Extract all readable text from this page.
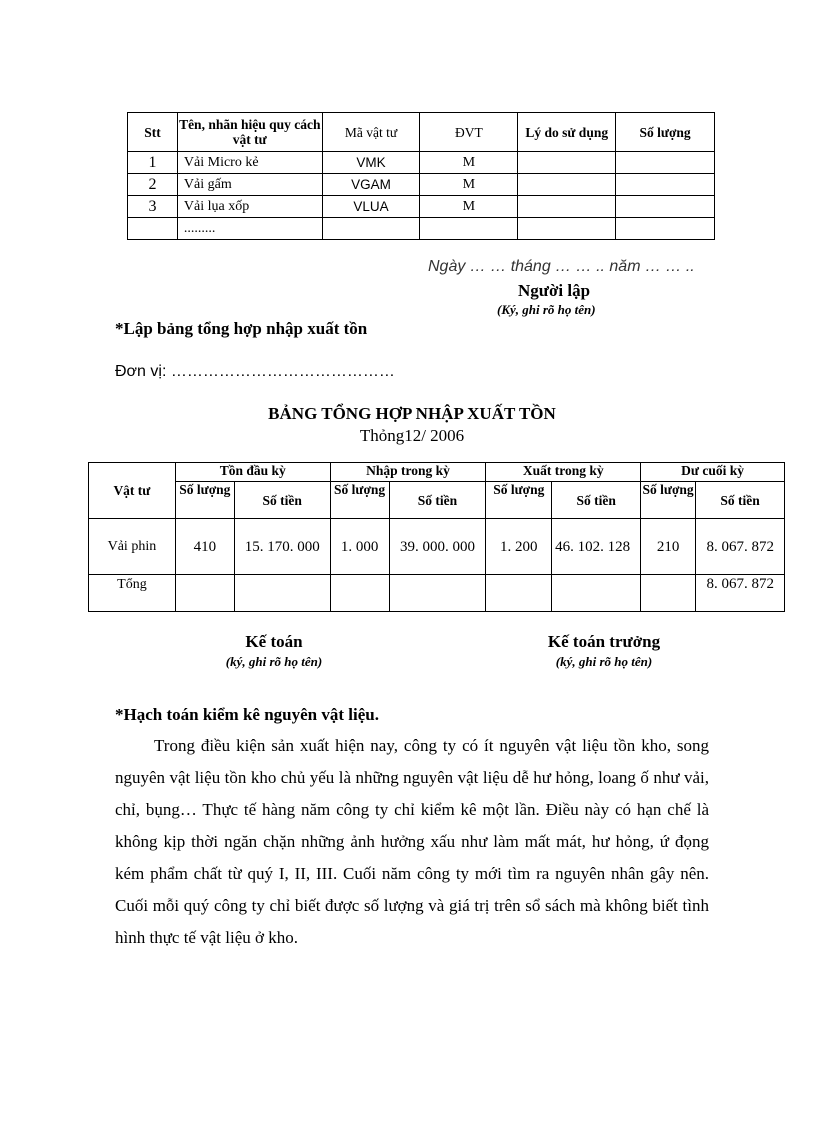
Stt	Tên, nhãn hiệu quy cách vật tư	Mã vật tư	ĐVT	Lý do sử dụng	Số lượng
1	Vải Micro kẻ	VMK	M		
2	Vải gấm	VGAM	M		
3	Vải lụa xốp	VLUA	M		
	.........				
Ngày … … tháng … … .. năm … … ..
Người lập
(Ký, ghi rõ họ tên)
*Lập bảng tổng hợp nhập xuất tồn
Đơn vị: ……………………………………
BẢNG TỔNG HỢP NHẬP XUẤT TỒN
Thỏng12/ 2006
Vật tư	Tồn đầu kỳ		Nhập trong kỳ		Xuất trong kỳ		Dư cuối kỳ	
	Số lượng	Số tiền	Số lượng	Số tiền	Số lượng	Số tiền	Số lượng	Số tiền
Vải phin	410	15. 170. 000	1. 000	39. 000. 000	1. 200	46. 102. 128	210	8. 067. 872
Tổng								8. 067. 872
Kế toán
(ký, ghi rõ họ tên)
Kế toán trưởng
(ký, ghi rõ họ tên)
*Hạch toán kiểm kê nguyên vật liệu.
Trong điều kiện sản xuất hiện nay, công ty có ít nguyên vật liệu tồn kho, song nguyên vật liệu tồn kho chủ yếu là những nguyên vật liệu dễ hư hỏng, loang ố như vải, chỉ, bụng… Thực tế hàng năm công ty chỉ kiểm kê một lần. Điều này có hạn chế là không kịp thời ngăn chặn những ảnh hưởng xấu như làm mất mát, hư hỏng, ứ đọng kém phẩm chất từ quý I, II, III. Cuối năm công ty mới tìm ra nguyên nhân gây nên. Cuối mỗi quý công ty chỉ biết được số lượng và giá trị trên sổ sách mà không biết tình hình thực tế vật liệu ở kho.
